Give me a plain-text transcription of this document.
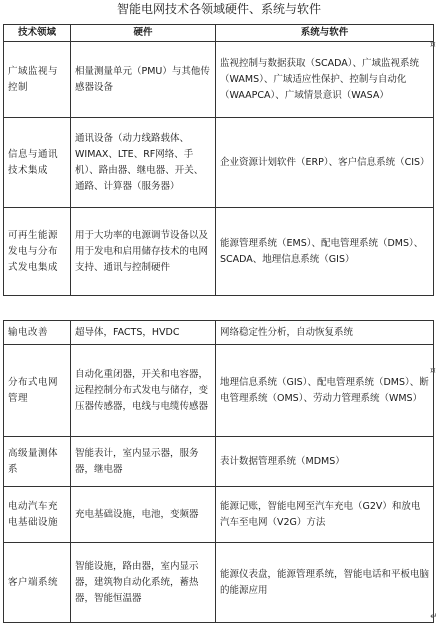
智能电网技术各领域硬件、系统与软件
技术领域	硬件	系统与软件
广域监视与控制	相量测量单元（PMU）与其他传感器设备	监视控制与数据获取（SCADA）、广域监视系统（WAMS）、广域适应性保护、控制与自动化（WAAPCA）、广域情景意识（WASA）
信息与通讯技术集成	通讯设备（动力线路载体、WIMAX、LTE、RF网络、手机）、路由器、继电器、开关、通路、计算器（服务器）	企业资源计划软件（ERP）、客户信息系统（CIS）
可再生能源发电与分布式发电集成	用于大功率的电源调节设备以及用于发电和启用储存技术的电网支持、通讯与控制硬件	能源管理系统（EMS）、配电管理系统（DMS）、SCADA、地理信息系统（GIS）
输电改善	超导体，FACTS，HVDC	网络稳定性分析，自动恢复系统
分布式电网管理	自动化重闭器，开关和电容器，远程控制分布式发电与储存，变压器传感器，电线与电缆传感器	地理信息系统（GIS）、配电管理系统（DMS）、断电管理系统（OMS）、劳动力管理系统（WMS）
高级量测体系	智能表计，室内显示器，服务器，继电器	表计数据管理系统（MDMS）
电动汽车充电基础设施	充电基础设施，电池，变频器	能源记账，智能电网至汽车充电（G2V）和放电汽车至电网（V2G）方法
客户端系统	智能设施，路由器，室内显示器，建筑物自动化系统，蓄热器，智能恒温器	能源仪表盘，能源管理系统，智能电话和平板电脑的能源应用
¤
¤
↵
